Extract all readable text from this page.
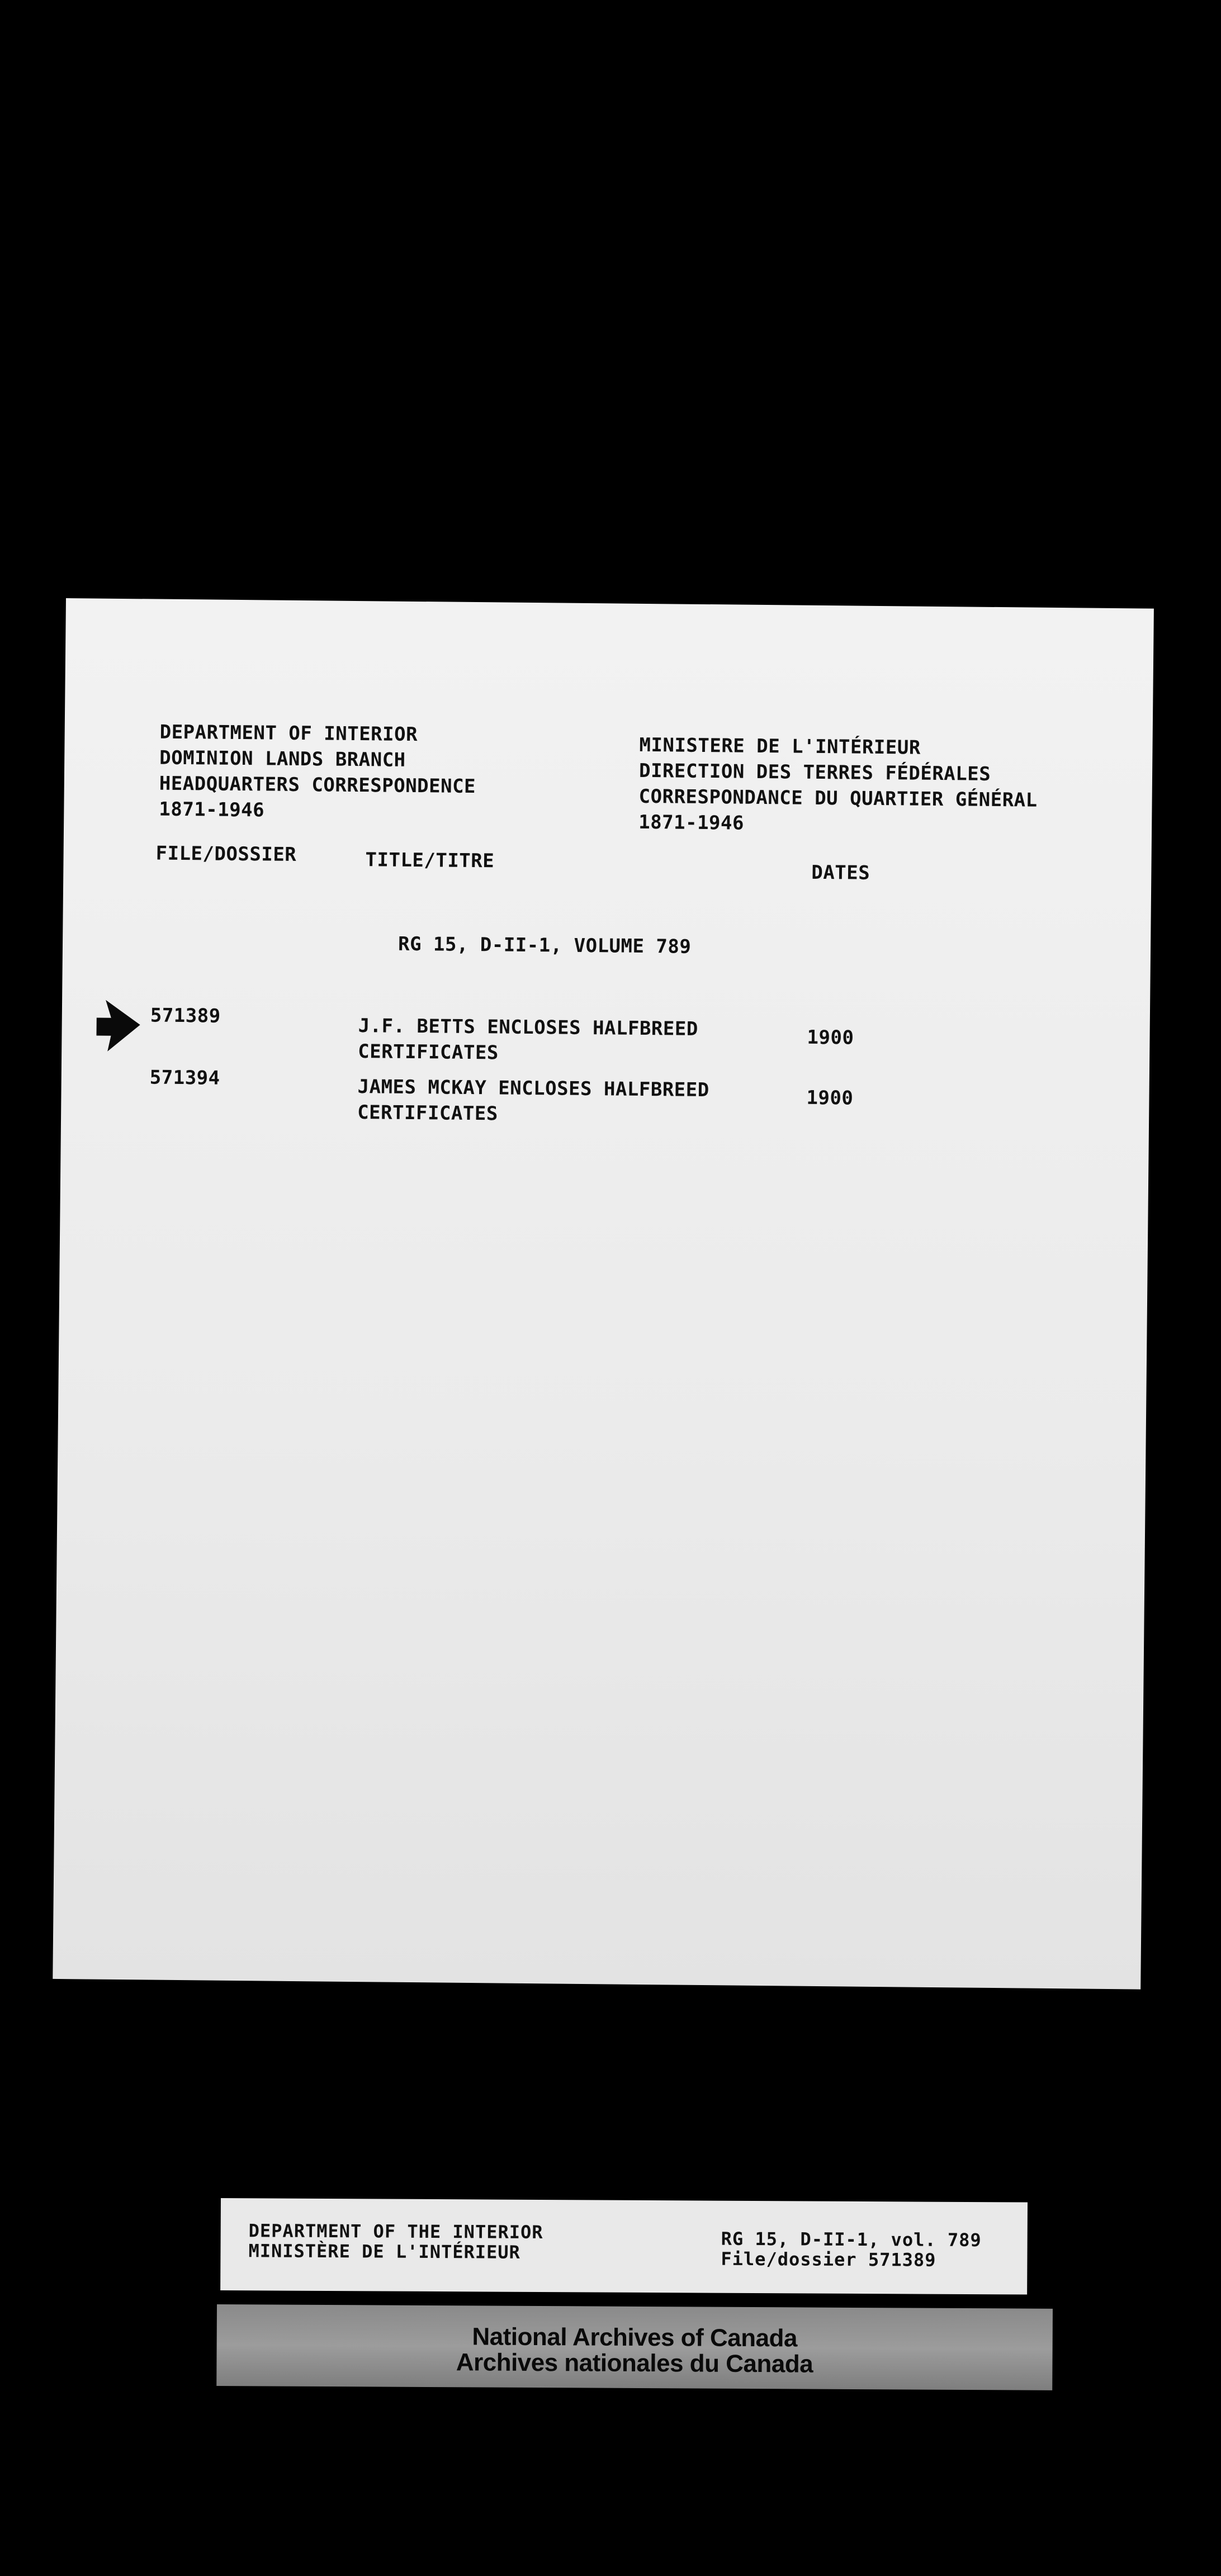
DEPARTMENT OF INTERIOR
DOMINION LANDS BRANCH
HEADQUARTERS CORRESPONDENCE
1871-1946
MINISTERE DE L'INTÉRIEUR
DIRECTION DES TERRES FÉDÉRALES
CORRESPONDANCE DU QUARTIER GÉNÉRAL
1871-1946
FILE/DOSSIER	TITLE/TITRE
DATES
RG 15, D-II-1, VOLUME 789
571389	J.F. BETTS ENCLOSES HALFBREED
CERTIFICATES
1900
571394	JAMES MCKAY ENCLOSES HALFBREED
CERTIFICATES
1900
DEPARTMENT OF THE INTERIOR
MINISTÈRE DE L'INTÉRIEUR
RG 15, D-II-1, vol. 789
File/dossier 571389
National Archives of Canada
Archives nationales du Canada
